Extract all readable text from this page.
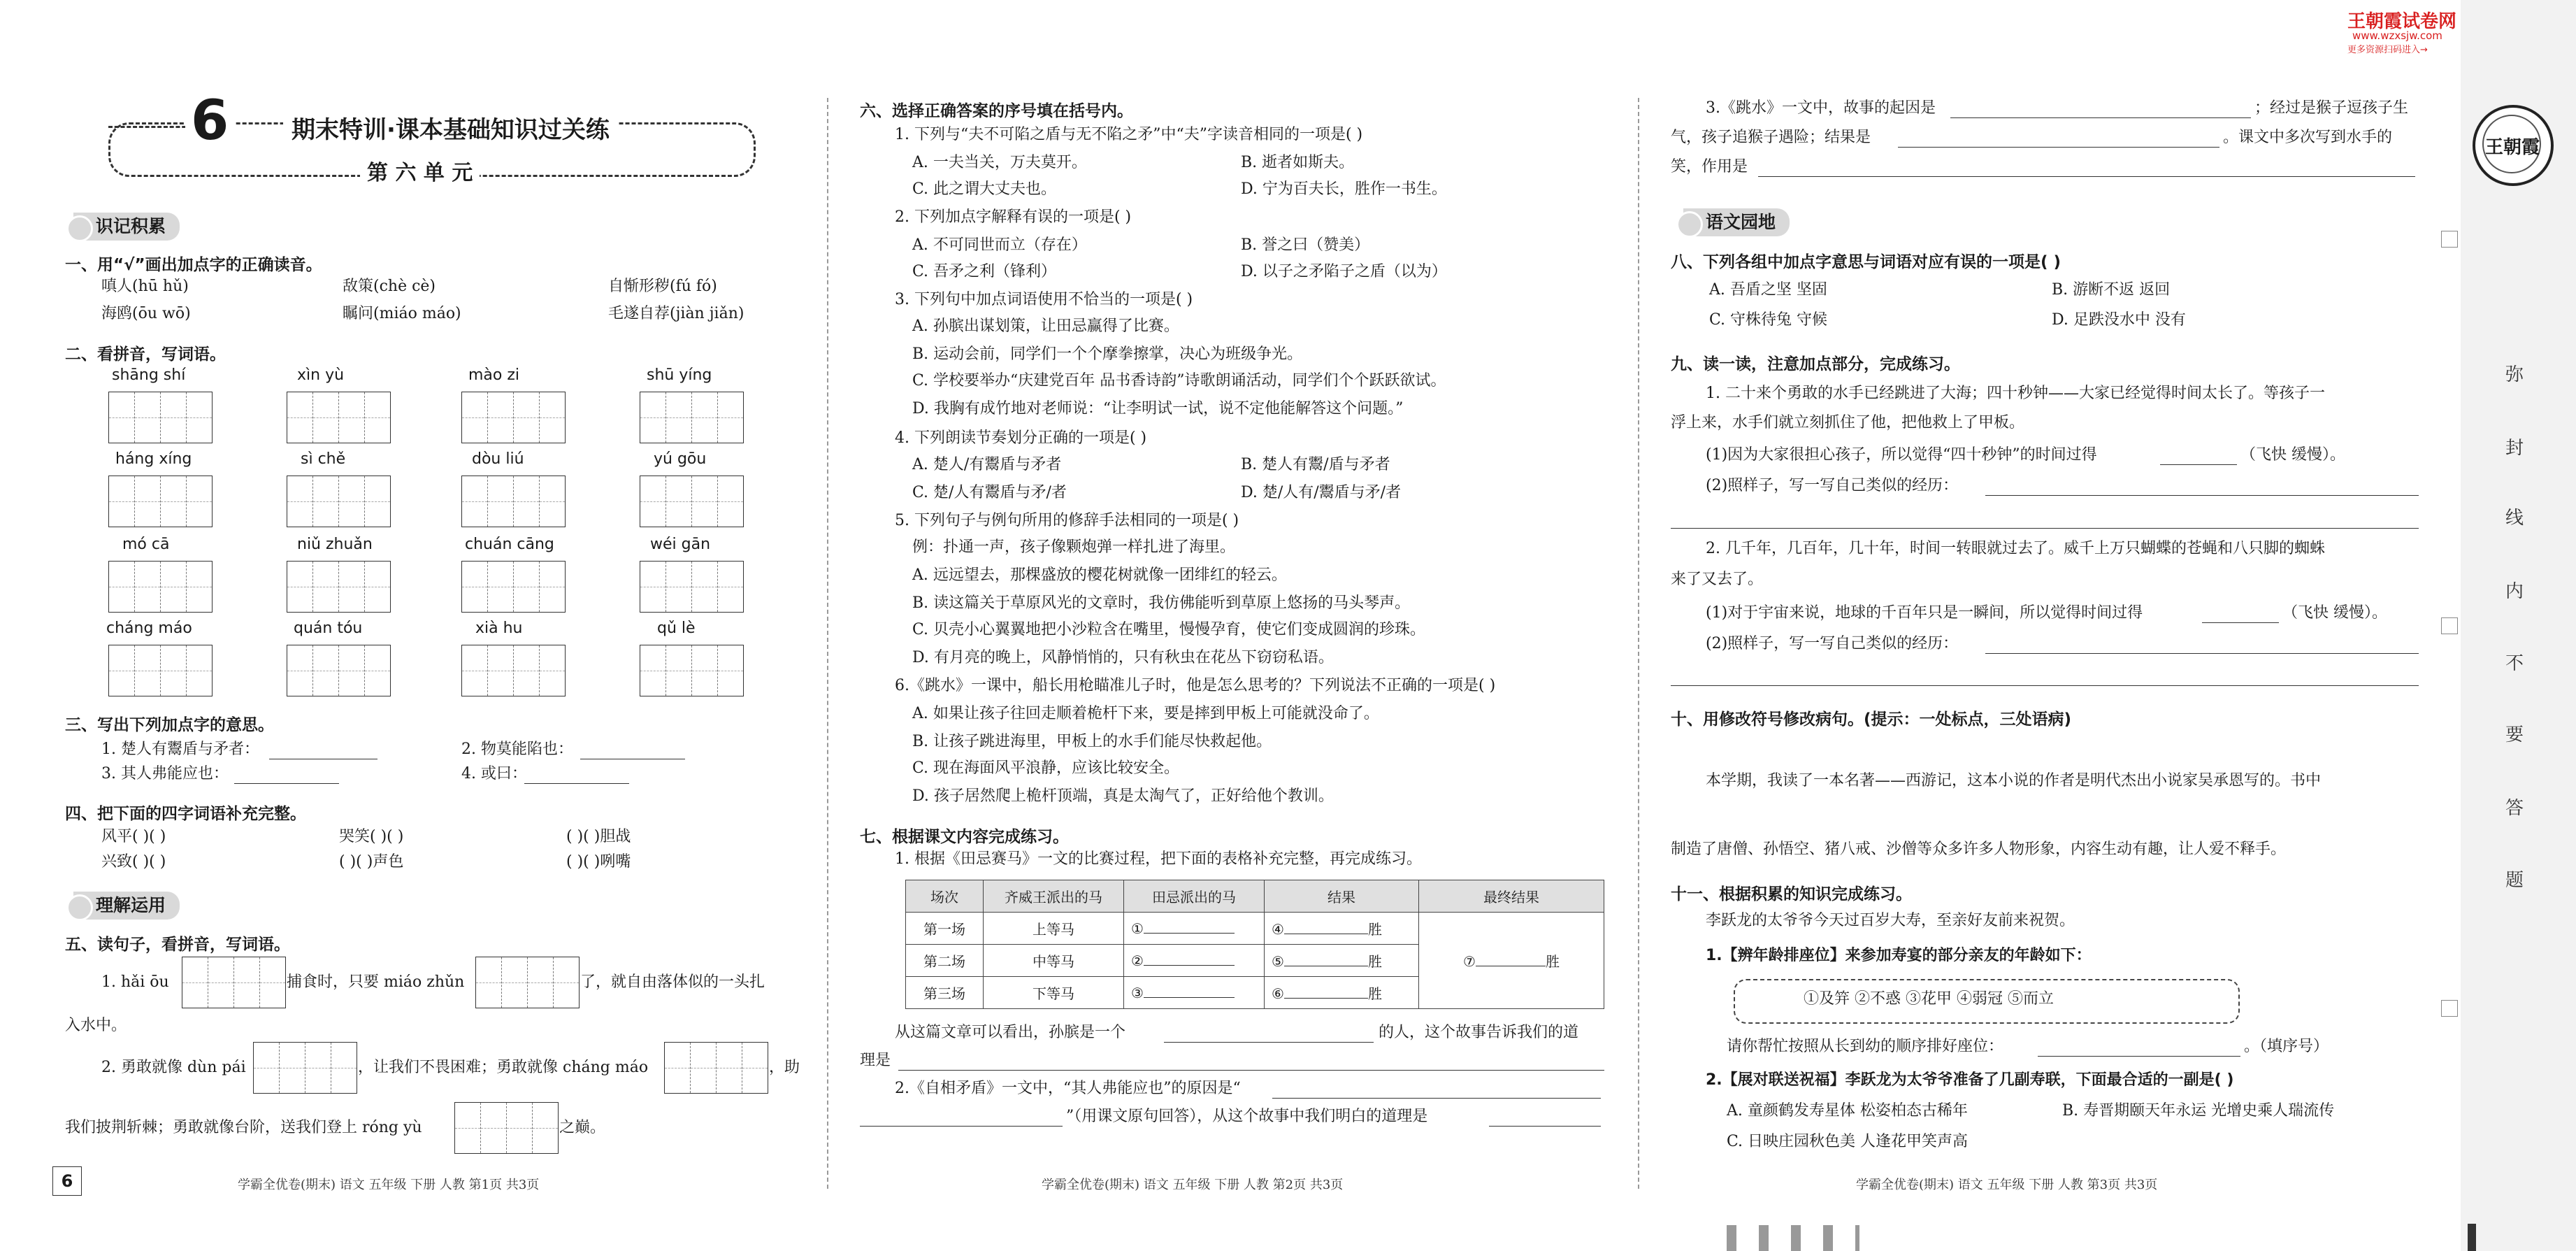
6	期末特训·课本基础知识过关练
第 六 单 元
王朝霞试卷网
www.wzxsjw.com
更多资源扫码进入→
王朝霞
弥
封
线
内
不
要
答
题
识记积累
一、用“√”画出加点字的正确读音。
嗔人(hū hǔ)	敌策(chè cè)	自惭形秽(fú fó)
海鸥(ōu wō)	瞩问(miáo máo)	毛遂自荐(jiàn jiǎn)
二、看拼音，写词语。
shāng shí	xìn yù	mào zi	shū yíng
háng xíng	sì chě	dòu liú	yú gōu
mó cā	niǔ zhuǎn	chuán cāng	wéi gān
cháng máo	quán tóu	xià hu	qǔ lè
三、写出下列加点字的意思。
1. 楚人有鬻盾与矛者：	2. 物莫能陷也：
3. 其人弗能应也：	4. 或曰：
四、把下面的四字词语补充完整。
风平( )( )	哭笑( )( )	( )( )胆战
兴致( )( )	( )( )声色	( )( )咧嘴
理解运用
五、读句子，看拼音，写词语。
1. hǎi ōu	捕食时，只要 miáo zhǔn	了，就自由落体似的一头扎
入水中。
2. 勇敢就像 dùn pái	，让我们不畏困难；勇敢就像 cháng máo	，助
我们披荆斩棘；勇敢就像台阶，送我们登上 róng yù	之巅。
6	学霸全优卷(期末) 语文 五年级 下册 人教 第1页 共3页
六、选择正确答案的序号填在括号内。
1. 下列与“夫不可陷之盾与无不陷之矛”中“夫”字读音相同的一项是( )
A. 一夫当关，万夫莫开。	B. 逝者如斯夫。
C. 此之谓大丈夫也。	D. 宁为百夫长，胜作一书生。
2. 下列加点字解释有误的一项是( )
A. 不可同世而立（存在）	B. 誉之曰（赞美）
C. 吾矛之利（锋利）	D. 以子之矛陷子之盾（以为）
3. 下列句中加点词语使用不恰当的一项是( )
A. 孙膑出谋划策，让田忌赢得了比赛。
B. 运动会前，同学们一个个摩拳擦掌，决心为班级争光。
C. 学校要举办“庆建党百年 品书香诗韵”诗歌朗诵活动，同学们个个跃跃欲试。
D. 我胸有成竹地对老师说：“让李明试一试，说不定他能解答这个问题。”
4. 下列朗读节奏划分正确的一项是( )
A. 楚人/有鬻盾与矛者	B. 楚人有鬻/盾与矛者
C. 楚/人有鬻盾与矛/者	D. 楚/人有/鬻盾与矛/者
5. 下列句子与例句所用的修辞手法相同的一项是( )
例：扑通一声，孩子像颗炮弹一样扎进了海里。
A. 远远望去，那棵盛放的樱花树就像一团绯红的轻云。
B. 读这篇关于草原风光的文章时，我仿佛能听到草原上悠扬的马头琴声。
C. 贝壳小心翼翼地把小沙粒含在嘴里，慢慢孕育，使它们变成圆润的珍珠。
D. 有月亮的晚上，风静悄悄的，只有秋虫在花丛下窃窃私语。
6.《跳水》一课中，船长用枪瞄准儿子时，他是怎么思考的？下列说法不正确的一项是( )
A. 如果让孩子往回走顺着桅杆下来，要是摔到甲板上可能就没命了。
B. 让孩子跳进海里，甲板上的水手们能尽快救起他。
C. 现在海面风平浪静，应该比较安全。
D. 孩子居然爬上桅杆顶端，真是太淘气了，正好给他个教训。
七、根据课文内容完成练习。
1. 根据《田忌赛马》一文的比赛过程，把下面的表格补充完整，再完成练习。
场次	齐威王派出的马	田忌派出的马	结果	最终结果
第一场	上等马	①	④ 胜	⑦ 胜
第二场	中等马	②	⑤ 胜	
第三场	下等马	③	⑥ 胜	
从这篇文章可以看出，孙膑是一个	的人，这个故事告诉我们的道
理是
2.《自相矛盾》一文中，“其人弗能应也”的原因是“
”（用课文原句回答），从这个故事中我们明白的道理是
学霸全优卷(期末) 语文 五年级 下册 人教 第2页 共3页
3.《跳水》一文中，故事的起因是	；经过是猴子逗孩子生
气，孩子追猴子遇险；结果是	。课文中多次写到水手的
笑，作用是
语文园地
八、下列各组中加点字意思与词语对应有误的一项是( )
A. 吾盾之坚 坚固	B. 游断不返 返回
C. 守株待兔 守候	D. 足跌没水中 没有
九、读一读，注意加点部分，完成练习。
1. 二十来个勇敢的水手已经跳进了大海；四十秒钟——大家已经觉得时间太长了。等孩子一
浮上来，水手们就立刻抓住了他，把他救上了甲板。
(1)因为大家很担心孩子，所以觉得“四十秒钟”的时间过得	（飞快 缓慢）。
(2)照样子，写一写自己类似的经历：
2. 几千年，几百年，几十年，时间一转眼就过去了。威千上万只蝴蝶的苍蝇和八只脚的蜘蛛
来了又去了。
(1)对于宇宙来说，地球的千百年只是一瞬间，所以觉得时间过得	（飞快 缓慢）。
(2)照样子，写一写自己类似的经历：
十、用修改符号修改病句。(提示：一处标点，三处语病)
本学期，我读了一本名著——西游记，这本小说的作者是明代杰出小说家吴承恩写的。书中
制造了唐僧、孙悟空、猪八戒、沙僧等众多许多人物形象，内容生动有趣，让人爱不释手。
十一、根据积累的知识完成练习。
李跃龙的太爷爷今天过百岁大寿，至亲好友前来祝贺。
1.【辨年龄排座位】来参加寿宴的部分亲友的年龄如下：
①及笄 ②不惑 ③花甲 ④弱冠 ⑤而立
请你帮忙按照从长到幼的顺序排好座位：	。（填序号）
2.【展对联送祝福】李跃龙为太爷爷准备了几副寿联，下面最合适的一副是( )
A. 童颜鹤发寿星体 松姿柏态古稀年	B. 寿晋期颐天年永运 光增史乘人瑞流传
C. 日映庄园秋色美 人逢花甲笑声高
学霸全优卷(期末) 语文 五年级 下册 人教 第3页 共3页
